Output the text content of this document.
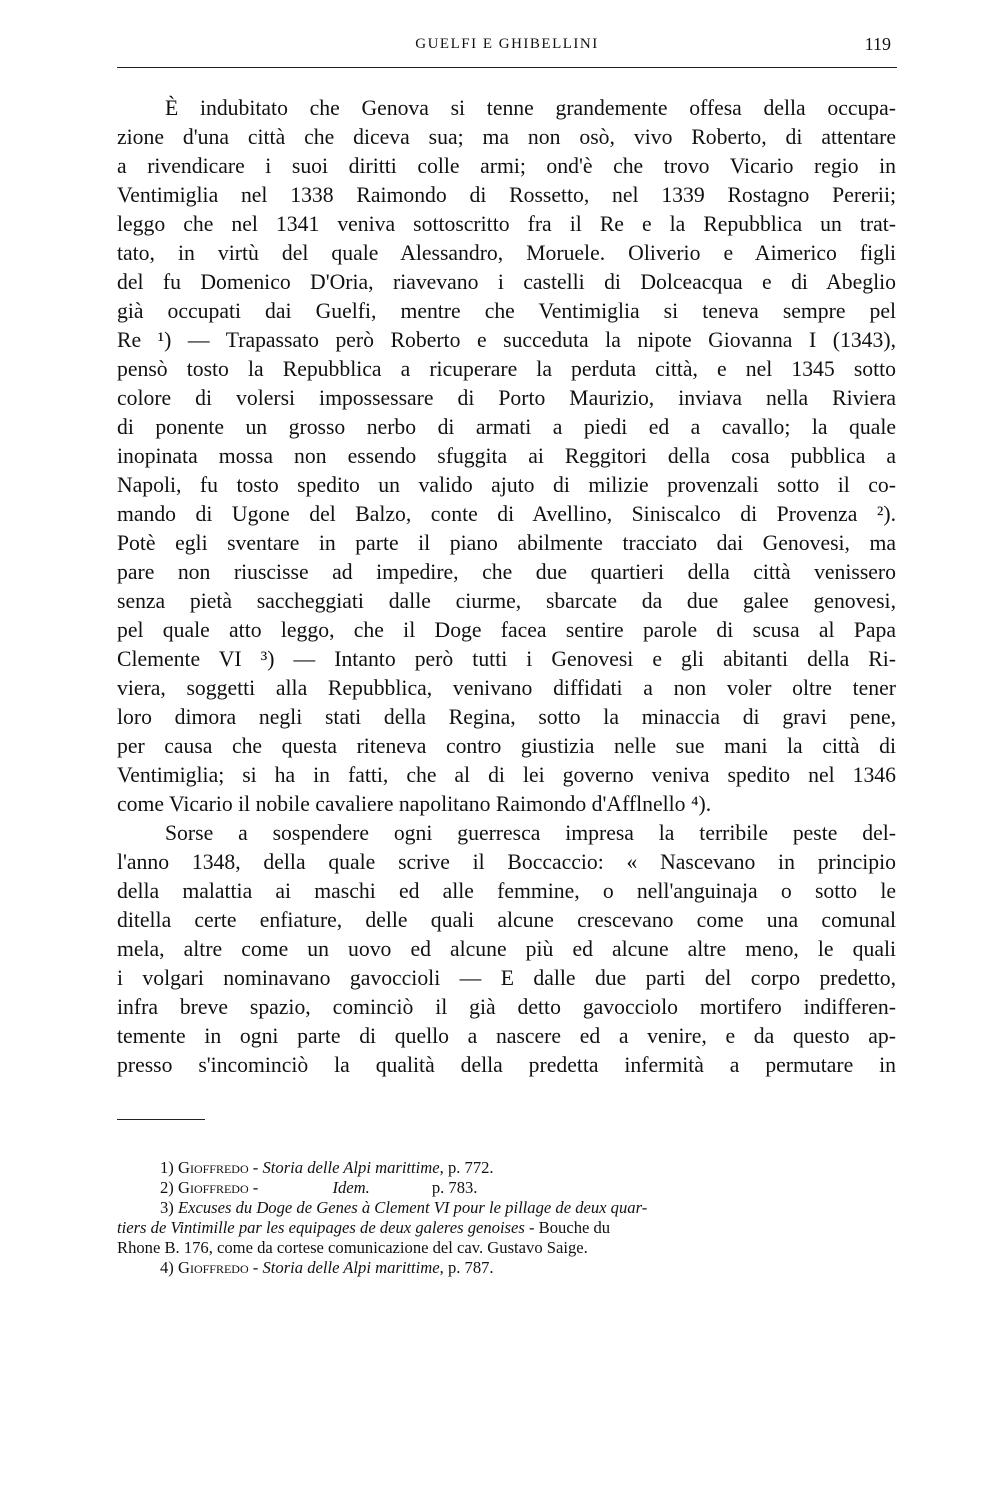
GUELFI E GHIBELLINI	119
È indubitato che Genova si tenne grandemente offesa della occupa-
zione d'una città che diceva sua; ma non osò, vivo Roberto, di attentare
a rivendicare i suoi diritti colle armi; ond'è che trovo Vicario regio in
Ventimiglia nel 1338 Raimondo di Rossetto, nel 1339 Rostagno Pererii;
leggo che nel 1341 veniva sottoscritto fra il Re e la Repubblica un trat-
tato, in virtù del quale Alessandro, Moruele. Oliverio e Aimerico figli
del fu Domenico D'Oria, riavevano i castelli di Dolceacqua e di Abeglio
già occupati dai Guelfi, mentre che Ventimiglia si teneva sempre pel
Re ¹) — Trapassato però Roberto e succeduta la nipote Giovanna I (1343),
pensò tosto la Repubblica a ricuperare la perduta città, e nel 1345 sotto
colore di volersi impossessare di Porto Maurizio, inviava nella Riviera
di ponente un grosso nerbo di armati a piedi ed a cavallo; la quale
inopinata mossa non essendo sfuggita ai Reggitori della cosa pubblica a
Napoli, fu tosto spedito un valido ajuto di milizie provenzali sotto il co-
mando di Ugone del Balzo, conte di Avellino, Siniscalco di Provenza ²).
Potè egli sventare in parte il piano abilmente tracciato dai Genovesi, ma
pare non riuscisse ad impedire, che due quartieri della città venissero
senza pietà saccheggiati dalle ciurme, sbarcate da due galee genovesi,
pel quale atto leggo, che il Doge facea sentire parole di scusa al Papa
Clemente VI ³) — Intanto però tutti i Genovesi e gli abitanti della Ri-
viera, soggetti alla Repubblica, venivano diffidati a non voler oltre tener
loro dimora negli stati della Regina, sotto la minaccia di gravi pene,
per causa che questa riteneva contro giustizia nelle sue mani la città di
Ventimiglia; si ha in fatti, che al di lei governo veniva spedito nel 1346
come Vicario il nobile cavaliere napolitano Raimondo d'Afflnello ⁴).
Sorse a sospendere ogni guerresca impresa la terribile peste del-
l'anno 1348, della quale scrive il Boccaccio: « Nascevano in principio
della malattia ai maschi ed alle femmine, o nell'anguinaja o sotto le
ditella certe enfiature, delle quali alcune crescevano come una comunal
mela, altre come un uovo ed alcune più ed alcune altre meno, le quali
i volgari nominavano gavoccioli — E dalle due parti del corpo predetto,
infra breve spazio, cominciò il già detto gavocciolo mortifero indifferen-
temente in ogni parte di quello a nascere ed a venire, e da questo ap-
presso s'incominciò la qualità della predetta infermità a permutare in
1) Gioffredo - Storia delle Alpi marittime, p. 772.
2) Gioffredo -	Idem.	p. 783.
3) Excuses du Doge de Genes à Clement VI pour le pillage de deux quar-
tiers de Vintimille par les equipages de deux galeres genoises - Bouche du
Rhone B. 176, come da cortese comunicazione del cav. Gustavo Saige.
4) Gioffredo - Storia delle Alpi marittime, p. 787.
